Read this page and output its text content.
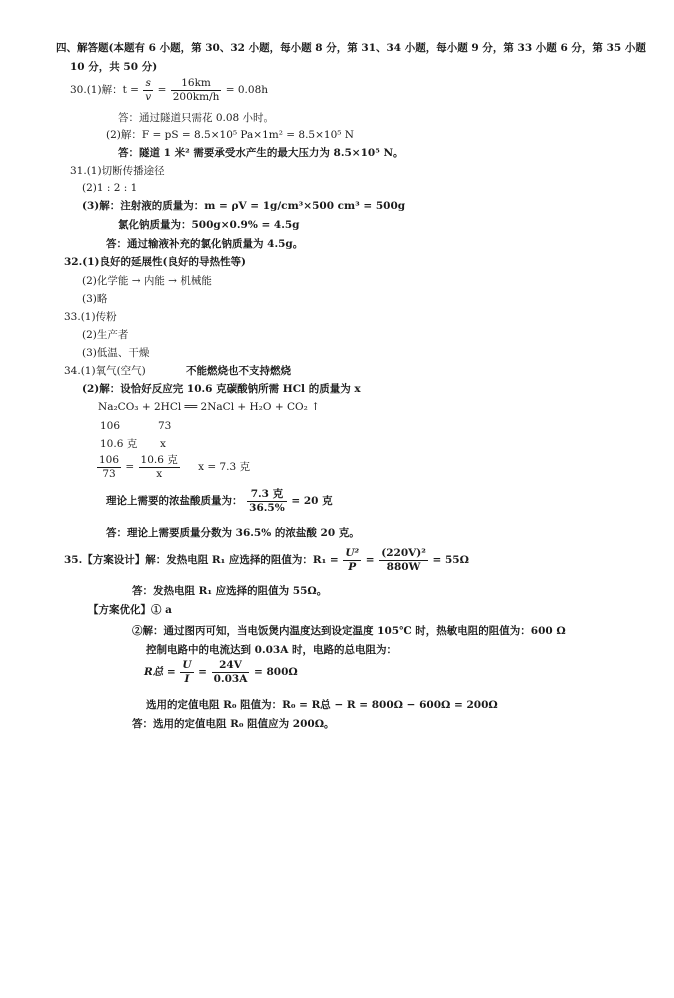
四、解答题(本题有 6 小题，第 30、32 小题，每小题 8 分，第 31、34 小题，每小题 9 分，第 33 小题 6 分，第 35 小题
10 分，共 50 分)
30.(1)解：$t = \frac{s}{v} = \frac{16km}{200km/h} = 0.08h$
答：通过隧道只需花 0.08 小时。
(2)解：F = pS = 8.5×10⁵ Pa×1m² = 8.5×10⁵ N
答：隧道 1 米² 需要承受水产生的最大压力为 8.5×10⁵ N。
31.(1)切断传播途径
(2)1 : 2 : 1
(3)解：注射液的质量为：m = ρV = 1g/cm³×500 cm³ = 500g
氯化钠质量为：500g×0.9% = 4.5g
答：通过输液补充的氯化钠质量为 4.5g。
32.(1)良好的延展性(良好的导热性等)
(2)化学能 → 内能 → 机械能
(3)略
33.(1)传粉
(2)生产者
(3)低温、干燥
34.(1)氧气(空气)	不能燃烧也不支持燃烧
(2)解：设恰好反应完 10.6 克碳酸钠所需 HCl 的质量为 x
Na₂CO₃ + 2HCl ══ 2NaCl + H₂O + CO₂ ↑
106	73
10.6 克 x
$\frac{106}{73} = \frac{\text{10.6 克}}{x}$ x = 7.3 克
理论上需要的浓盐酸质量为： $\frac{\text{7.3 克}}{36.5\%} = 20$ 克
答：理论上需要质量分数为 36.5% 的浓盐酸 20 克。
35.【方案设计】解：发热电阻 R₁ 应选择的阻值为：$R_1 = \frac{\text{U²}}{P} = \frac{\text{(220V)²}}{880W} = 55\Omega$
答：发热电阻 R₁ 应选择的阻值为 55Ω。
【方案优化】① a
②解：通过图丙可知，当电饭煲内温度达到设定温度 105℃ 时，热敏电阻的阻值为：600 Ω
控制电路中的电流达到 0.03A 时，电路的总电阻为：
R总 = $\frac{U}{I} = \frac{24V}{0.03A} = 800\Omega$
选用的定值电阻 R₀ 阻值为：R₀ = R总 − R = 800Ω − 600Ω = 200Ω
答：选用的定值电阻 R₀ 阻值应为 200Ω。
